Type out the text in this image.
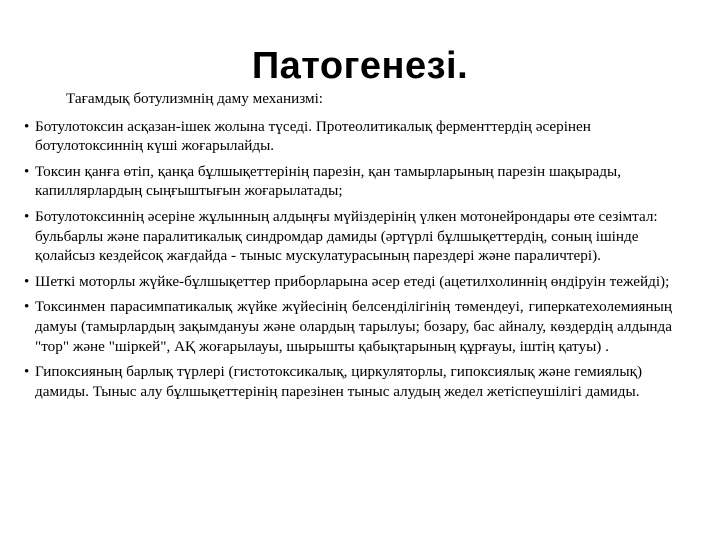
Патогенезі.

Тағамдық ботулизмнің даму механизмі:

• Ботулотоксин асқазан-ішек жолына түседі. Протеолитикалық ферменттердің әсерінен ботулотоксиннің күші жоғарылайды.
• Токсин қанға өтіп, қанқа бұлшықеттерінің парезін, қан тамырларының парезін шақырады, капиллярлардың сыңғыштығын жоғарылатады;
• Ботулотоксиннің әсеріне жұлынның алдыңғы мүйіздерінің үлкен мотонейрондары өте сезімтал: бульбарлы және паралитикалық синдромдар дамиды (әртүрлі бұлшықеттердің, соның ішінде қолайсыз кездейсоқ жағдайда - тыныс мускулатурасының парездері және параличтері).
• Шеткі моторлы жүйке-бұлшықеттер приборларына әсер етеді (ацетилхолиннің өндіруін тежейді);
• Токсинмен парасимпатикалық жүйке жүйесінің белсенділігінің төмендеуі, гиперкатехолемияның дамуы (тамырлардың зақымдануы және олардың тарылуы; бозару, бас айналу, көздердің алдында "тор" және "шіркей", АҚ жоғарылауы, шырышты қабықтарының құрғауы, іштің қатуы) .
• Гипоксияның барлық түрлері (гистотоксикалық, циркуляторлы, гипоксиялық және гемиялық) дамиды. Тыныс алу бұлшықеттерінің парезінен тыныс алудың жедел жетіспеушілігі дамиды.
